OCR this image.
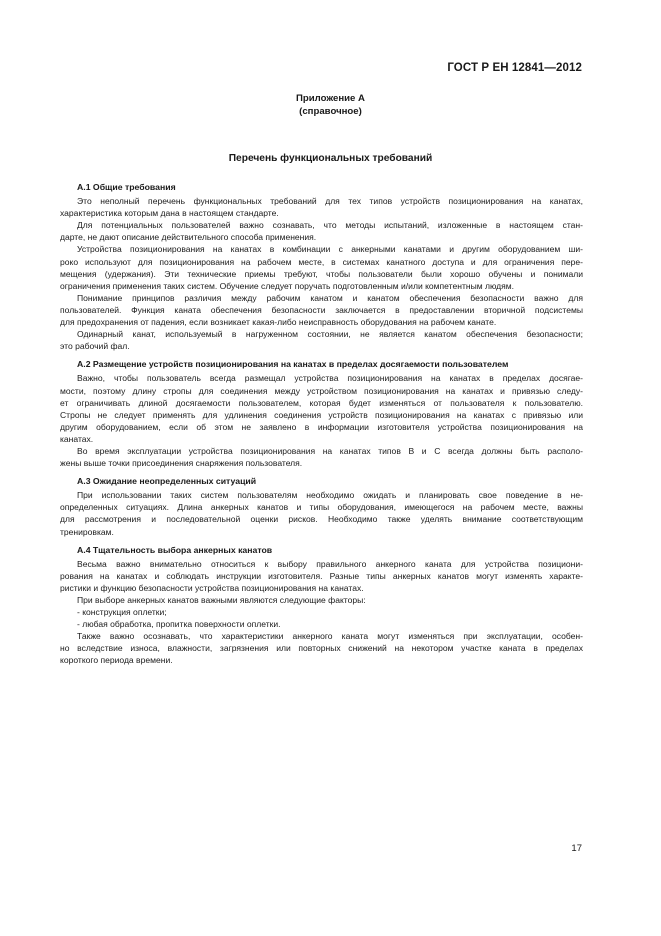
ГОСТ Р ЕН 12841—2012
Приложение А
(справочное)
Перечень функциональных требований
А.1 Общие требования
Это неполный перечень функциональных требований для тех типов устройств позиционирования на канатах,
характеристика которым дана в настоящем стандарте.
Для потенциальных пользователей важно сознавать, что методы испытаний, изложенные в настоящем стан-
дарте, не дают описание действительного способа применения.
Устройства позиционирования на канатах в комбинации с анкерными канатами и другим оборудованием ши-
роко используют для позиционирования на рабочем месте, в системах канатного доступа и для ограничения пере-
мещения (удержания). Эти технические приемы требуют, чтобы пользователи были хорошо обучены и понимали
ограничения применения таких систем. Обучение следует поручать подготовленным и/или компетентным людям.
Понимание принципов различия между рабочим канатом и канатом обеспечения безопасности важно для
пользователей. Функция каната обеспечения безопасности заключается в предоставлении вторичной подсистемы
для предохранения от падения, если возникает какая-либо неисправность оборудования на рабочем канате.
Одинарный канат, используемый в нагруженном состоянии, не является канатом обеспечения безопасности;
это рабочий фал.
А.2 Размещение устройств позиционирования на канатах в пределах досягаемости пользователем
Важно, чтобы пользователь всегда размещал устройства позиционирования на канатах в пределах досягае-
мости, поэтому длину стропы для соединения между устройством позиционирования на канатах и привязью следу-
ет ограничивать длиной досягаемости пользователем, которая будет изменяться от пользователя к пользователю.
Стропы не следует применять для удлинения соединения устройств позиционирования на канатах с привязью или
другим оборудованием, если об этом не заявлено в информации изготовителя устройства позиционирования на
канатах.
Во время эксплуатации устройства позиционирования на канатах типов В и С всегда должны быть располо-
жены выше точки присоединения снаряжения пользователя.
А.3 Ожидание неопределенных ситуаций
При использовании таких систем пользователям необходимо ожидать и планировать свое поведение в не-
определенных ситуациях. Длина анкерных канатов и типы оборудования, имеющегося на рабочем месте, важны
для рассмотрения и последовательной оценки рисков. Необходимо также уделять внимание соответствующим
тренировкам.
А.4 Тщательность выбора анкерных канатов
Весьма важно внимательно относиться к выбору правильного анкерного каната для устройства позициони-
рования на канатах и соблюдать инструкции изготовителя. Разные типы анкерных канатов могут изменять характе-
ристики и функцию безопасности устройства позиционирования на канатах.
При выборе анкерных канатов важными являются следующие факторы:
- конструкция оплетки;
- любая обработка, пропитка поверхности оплетки.
Также важно осознавать, что характеристики анкерного каната могут изменяться при эксплуатации, особен-
но вследствие износа, влажности, загрязнения или повторных снижений на некотором участке каната в пределах
короткого периода времени.
17
